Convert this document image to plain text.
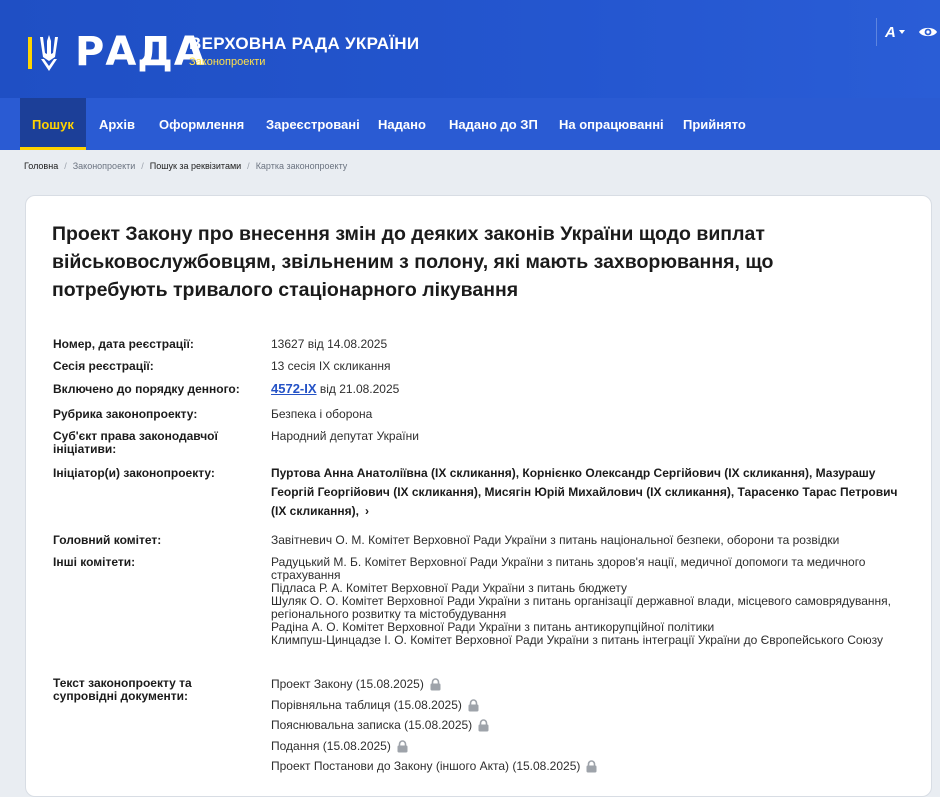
РАДА
ВЕРХОВНА РАДА УКРАЇНИ
Законопроекти
A
Пошук	Архів Оформлення Зареєстровані Надано Надано до ЗП На опрацюванні Прийнято
Головна / Законопроекти / Пошук за реквізитами / Картка законопроекту
Проект Закону про внесення змін до деяких законів України щодо виплат військовослужбовцям, звільненим з полону, які мають захворювання, що потребують тривалого стаціонарного лікування
Номер, дата реєстрації:	13627 від 14.08.2025
Сесія реєстрації:	13 сесія IX скликання
Включено до порядку денного:	4572-IX від 21.08.2025
Рубрика законопроекту:	Безпека і оборона
Суб'єкт права законодавчої ініціативи:
Народний депутат України
Ініціатор(и) законопроекту:	Пуртова Анна Анатоліївна (IX скликання), Корнієнко Олександр Сергійович (IX скликання), Мазурашу Георгій Георгійович (IX скликання), Мисягін Юрій Михайлович (IX скликання), Тарасенко Тарас Петрович (IX скликання), ›
Головний комітет:	Завітневич О. М. Комітет Верховної Ради України з питань національної безпеки, оборони та розвідки
Інші комітети:	Радуцький М. Б. Комітет Верховної Ради України з питань здоров'я нації, медичної допомоги та медичного страхування
Підласа Р. А. Комітет Верховної Ради України з питань бюджету
Шуляк О. О. Комітет Верховної Ради України з питань організації державної влади, місцевого самоврядування, регіонального розвитку та містобудування
Радіна А. О. Комітет Верховної Ради України з питань антикорупційної політики
Климпуш-Цинцадзе І. О. Комітет Верховної Ради України з питань інтеграції України до Європейського Союзу
Текст законопроекту та супровідні документи:
Проект Закону (15.08.2025)
Порівняльна таблиця (15.08.2025)
Пояснювальна записка (15.08.2025)
Подання (15.08.2025)
Проект Постанови до Закону (іншого Акта) (15.08.2025)
